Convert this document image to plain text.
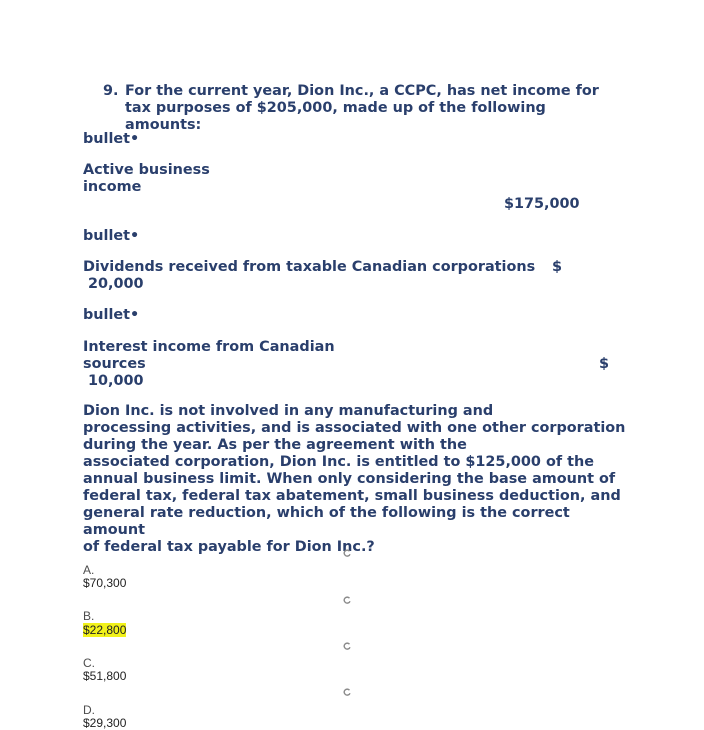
9. For the current year, Dion Inc., a CCPC, has net income for tax purposes of $205,000, made up of the following amounts:
bullet•
Active business
income
$175,000
bullet•
Dividends received from taxable Canadian corporations $
20,000
bullet•
Interest income from Canadian
sources	$
10,000
Dion Inc. is not involved in any manufacturing and
processing activities, and is associated with one other corporation
during the year. As per the agreement with the
associated corporation, Dion Inc. is entitled to $125,000 of the
annual business limit. When only considering the base amount of
federal tax, federal tax abatement, small business deduction, and
general rate reduction, which of the following is the correct amount
of federal tax payable for Dion Inc.?
A.
$70,300
B.
$22,800
C.
$51,800
D.
$29,300
